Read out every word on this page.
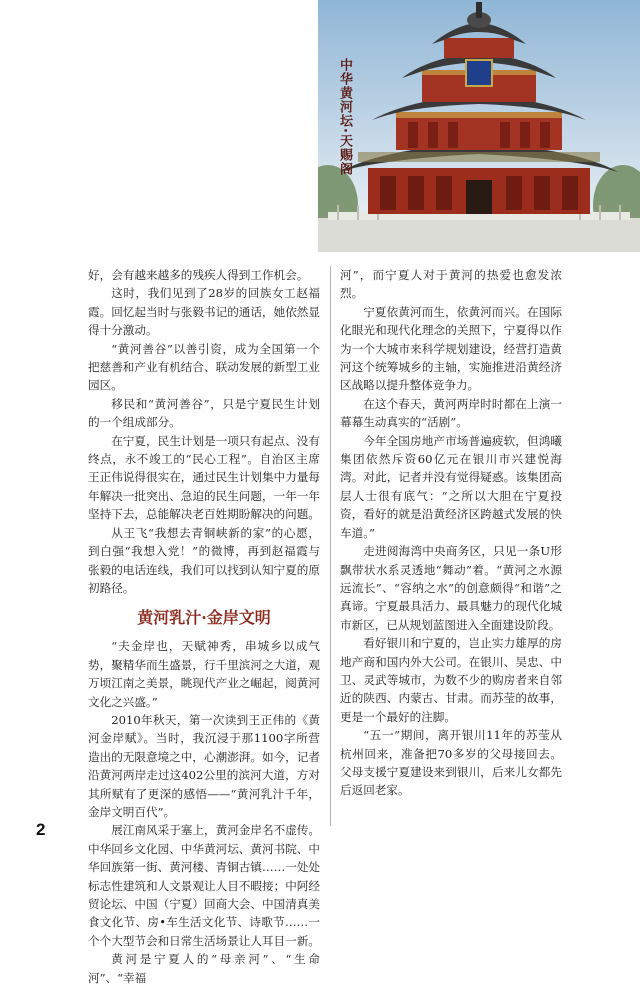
中华黄河坛·天赐阁

好，会有越来越多的残疾人得到工作机会。

这时，我们见到了28岁的回族女工赵福霞。回忆起当时与张毅书记的通话，她依然显得十分激动。

“黄河善谷”以善引资，成为全国第一个把慈善和产业有机结合、联动发展的新型工业园区。

移民和“黄河善谷”，只是宁夏民生计划的一个组成部分。

在宁夏，民生计划是一项只有起点、没有终点，永不竣工的“民心工程”。自治区主席王正伟说得很实在，通过民生计划集中力量每年解决一批突出、急迫的民生问题，一年一年坚持下去，总能解决老百姓期盼解决的问题。

从王飞“我想去青铜峡新的家”的心愿，到白强“我想入党！”的微博，再到赵福霞与张毅的电话连线，我们可以找到认知宁夏的原初路径。

黄河乳汁·金岸文明

“夫金岸也，天赋神秀，串城乡以成气势，聚精华而生盛景，行千里滨河之大道，观万顷江南之美景，眺现代产业之崛起，阅黄河文化之兴盛。”

2010年秋天，第一次读到王正伟的《黄河金岸赋》。当时，我沉浸于那1100字所营造出的无限意境之中，心潮澎湃。如今，记者沿黄河两岸走过这402公里的滨河大道，方对其所赋有了更深的感悟——“黄河乳汁千年，金岸文明百代”。

展江南风采于塞上，黄河金岸名不虚传。中华回乡文化园、中华黄河坛、黄河书院、中华回族第一街、黄河楼、青铜古镇……一处处标志性建筑和人文景观让人目不暇接；中阿经贸论坛、中国（宁夏）回商大会、中国清真美食文化节、房•车生活文化节、诗歌节……一个个大型节会和日常生活场景让人耳目一新。

黄河是宁夏人的“母亲河”、“生命河”、“幸福

河”，而宁夏人对于黄河的热爱也愈发浓烈。

宁夏依黄河而生，依黄河而兴。在国际化眼光和现代化理念的关照下，宁夏得以作为一个大城市来科学规划建设，经营打造黄河这个统筹城乡的主轴，实施推进沿黄经济区战略以提升整体竞争力。

在这个春天，黄河两岸时时都在上演一幕幕生动真实的“活剧”。

今年全国房地产市场普遍疲软，但鸿曦集团依然斥资60亿元在银川市兴建悦海湾。对此，记者并没有觉得疑惑。该集团高层人士很有底气：“之所以大胆在宁夏投资，看好的就是沿黄经济区跨越式发展的快车道。”

走进阅海湾中央商务区，只见一条U形飘带状水系灵透地“舞动”着。“黄河之水源远流长”、“容纳之水”的创意颇得“和谐”之真谛。宁夏最具活力、最具魅力的现代化城市新区，已从规划蓝图进入全面建设阶段。

看好银川和宁夏的，岂止实力雄厚的房地产商和国内外大公司。在银川、吴忠、中卫、灵武等城市，为数不少的购房者来自邻近的陕西、内蒙古、甘肃。而苏莹的故事，更是一个最好的注脚。

“五一”期间，离开银川11年的苏莹从杭州回来，准备把70多岁的父母接回去。父母支援宁夏建设来到银川，后来儿女都先后返回老家。

2
